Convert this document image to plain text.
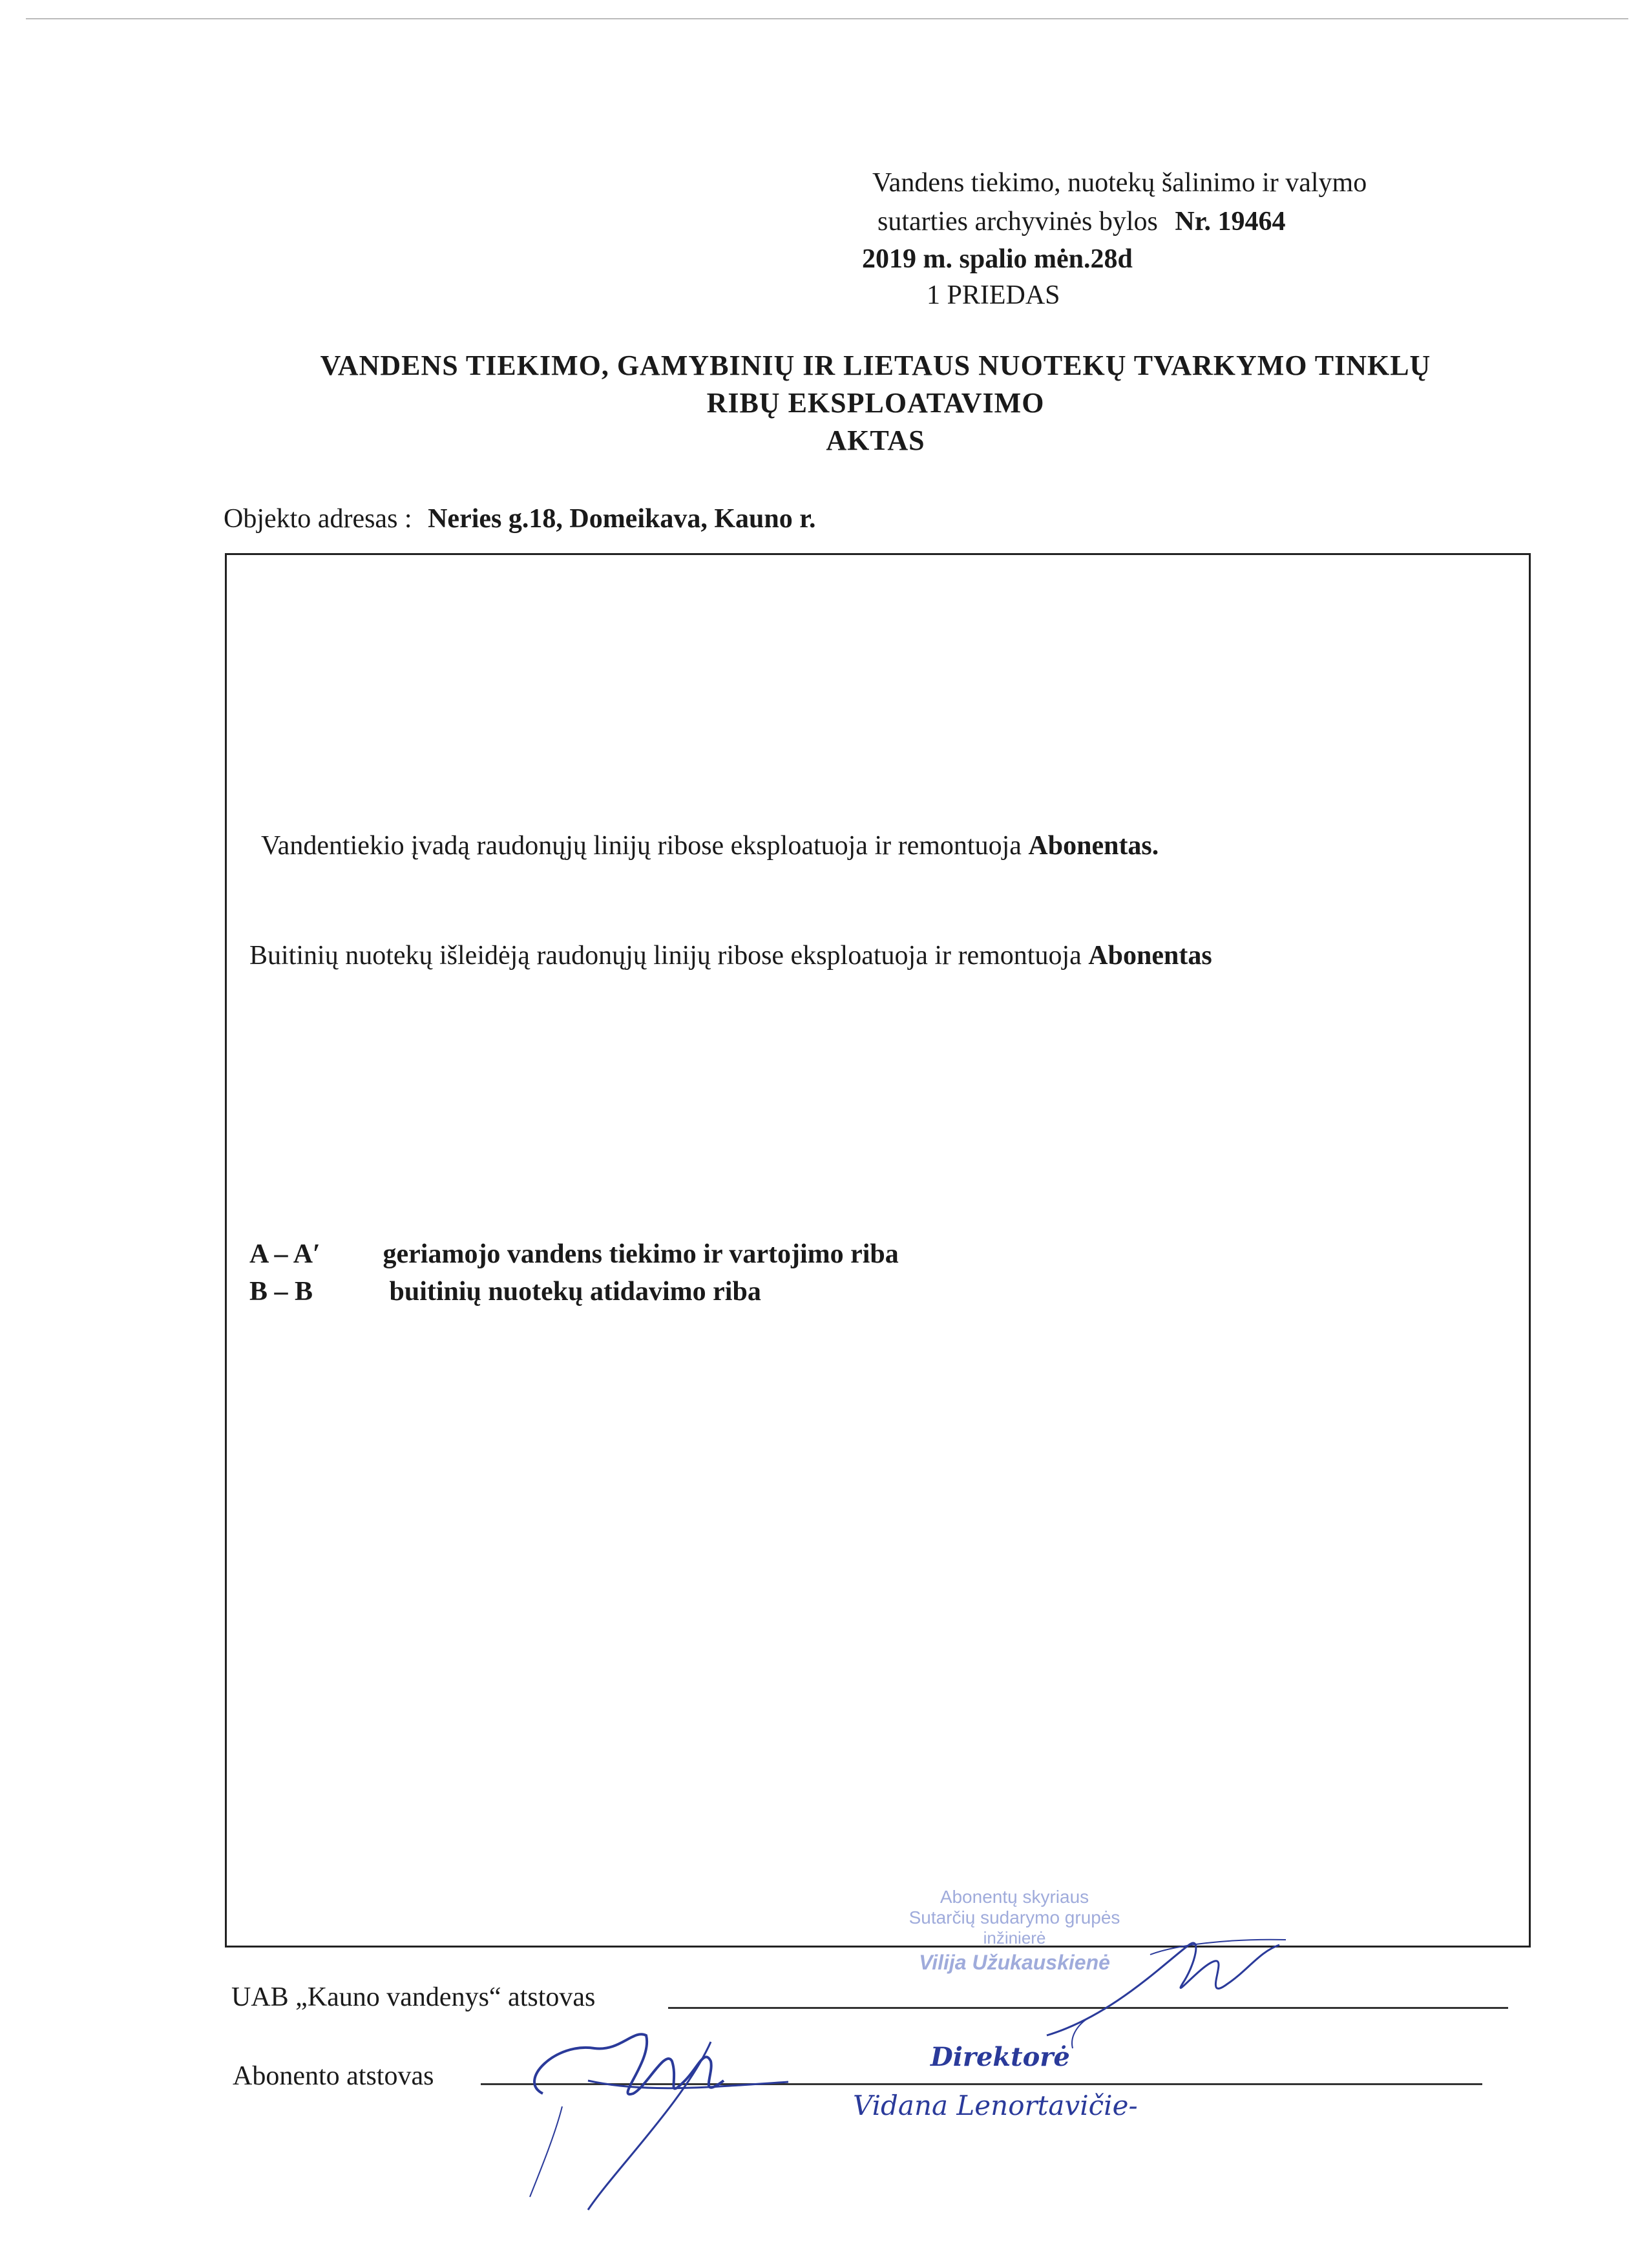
Vandens tiekimo, nuotekų šalinimo ir valymo
sutarties archyvinės bylos Nr. 19464
2019 m. spalio mėn.28d
1 PRIEDAS
VANDENS TIEKIMO, GAMYBINIŲ IR LIETAUS NUOTEKŲ TVARKYMO TINKLŲ
RIBŲ EKSPLOATAVIMO
AKTAS
Objekto adresas : Neries g.18, Domeikava, Kauno r.
Vandentiekio įvadą raudonųjų linijų ribose eksploatuoja ir remontuoja Abonentas.
Buitinių nuotekų išleidėją raudonųjų linijų ribose eksploatuoja ir remontuoja Abonentas
A – A′ geriamojo vandens tiekimo ir vartojimo riba
B – B	buitinių nuotekų atidavimo riba
Abonentų skyriaus
Sutarčių sudarymo grupės
inžinierė
Vilija Užukauskienė
UAB „Kauno vandenys“ atstovas
Abonento atstovas
Direktorė
Vidana Lenortavičie-
